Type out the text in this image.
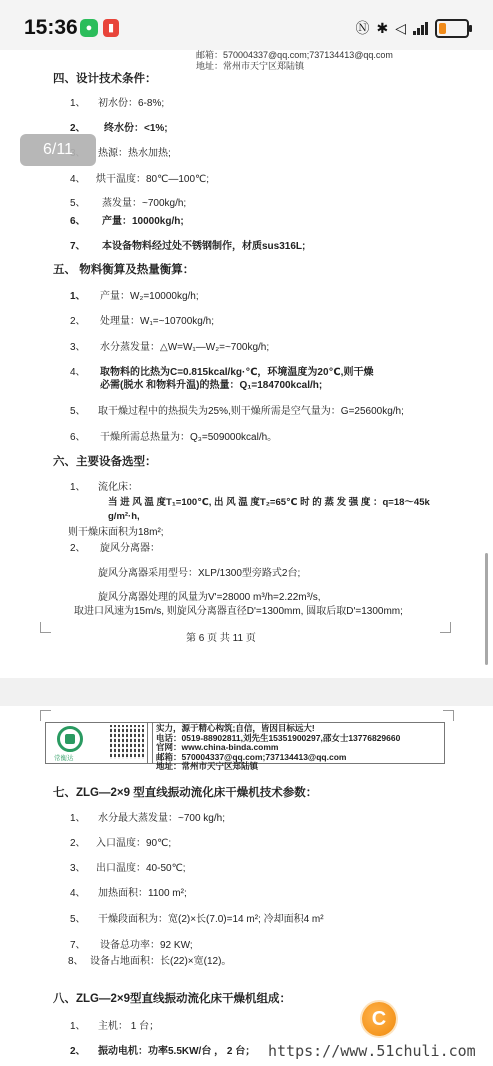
15:36 ●	▮	Ⓝ ✱ ◁
邮箱：570004337@qq.com;737134413@qq.com
地址：常州市天宁区郑陆镇
四、设计技术条件：
1、 初水份：6-8%;
2、 终水份：<1%;
热源：热水加热;
4、 烘干温度：80℃—100℃;
5、 蒸发量：~700kg/h;
6、 产量：10000kg/h;
7、 本设备物料经过处不锈钢制作，材质sus316L;
五、 物料衡算及热量衡算：
1、 产量：W₂=10000kg/h;
2、 处理量：W₁=~10700kg/h;
3、 水分蒸发量：△W=W₁—W₂=~700kg/h;
4、 取物料的比热为C=0.815kcal/kg·℃，环境温度为20℃,则干燥
必需(脱水 和物料升温)的热量：Q₁=184700kcal/h;
5、 取干燥过程中的热损失为25%,则干燥所需是空气量为：G=25600kg/h;
6、 干燥所需总热量为：Q₃=509000kcal/h。
六、主要设备选型：
1、 流化床：
当 进 风 温 度T₁=100℃, 出 风 温 度T₂=65℃ 时 的 蒸 发 强 度 ：q=18～45k
g/m²·h,
则干燥床面积为18m²;
2、 旋风分离器：
旋风分离器采用型号：XLP/1300型旁路式2台;
旋风分离器处理的风量为V'=28000 m³/h=2.22m³/s,
取进口风速为15m/s, 则旋风分离器直径D'=1300mm, 圆取后取D'=1300mm;
第 6 页 共 11 页
6/11
常衡达
实力，源于精心构筑;自信，皆因目标远大!
电话：0519-88902811,刘先生15351900297,邵女士13776829660
官网：www.china-binda.comm
邮箱：570004337@qq.com;737134413@qq.com
地址：常州市天宁区郑陆镇
七、ZLG—2×9 型直线振动流化床干燥机技术参数：
1、 水分最大蒸发量：~700 kg/h;
2、 入口温度：90℃;
3、 出口温度：40-50℃;
4、 加热面积：1100 m²;
5、 干燥段面积为：宽(2)×长(7.0)=14 m²; 冷却面积4 m²
7、 设备总功率：92 KW;
8、 设备占地面积：长(22)×宽(12)。
八、ZLG—2×9型直线振动流化床干燥机组成：
1、 主机： 1 台；
2、 振动电机：功率5.5KW/台 ， 2 台；
C
https://www.51chuli.com
